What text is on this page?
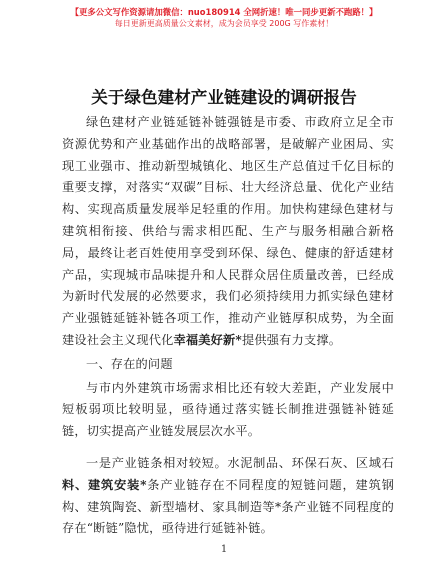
【更多公文写作资源请加微信：nuo180914 全网折速！唯一同步更新不跑路！】
每日更新更高质量公文素材，成为会员享受 200G 写作素材！
关于绿色建材产业链建设的调研报告

绿色建材产业链延链补链强链是市委、市政府立足全市资源优势和产业基础作出的战略部署，是破解产业困局、实现工业强市、推动新型城镇化、地区生产总值过千亿目标的重要支撑，对落实“双碳”目标、壮大经济总量、优化产业结构、实现高质量发展举足轻重的作用。加快构建绿色建材与建筑相衔接、供给与需求相匹配、生产与服务相融合新格局，最终让老百姓使用享受到环保、绿色、健康的舒适建材产品，实现城市品味提升和人民群众居住质量改善，已经成为新时代发展的必然要求，我们必须持续用力抓实绿色建材产业强链延链补链各项工作，推动产业链厚积成势，为全面建设社会主义现代化幸福美好新*提供强有力支撑。

一、存在的问题

与市内外建筑市场需求相比还有较大差距，产业发展中短板弱项比较明显，亟待通过落实链长制推进强链补链延链，切实提高产业链发展层次水平。

一是产业链条相对较短。水泥制品、环保石灰、区域石料、建筑安装*条产业链存在不同程度的短链问题，建筑钢构、建筑陶瓷、新型墙材、家具制造等*条产业链不同程度的存在“断链”隐忧，亟待进行延链补链。

1
